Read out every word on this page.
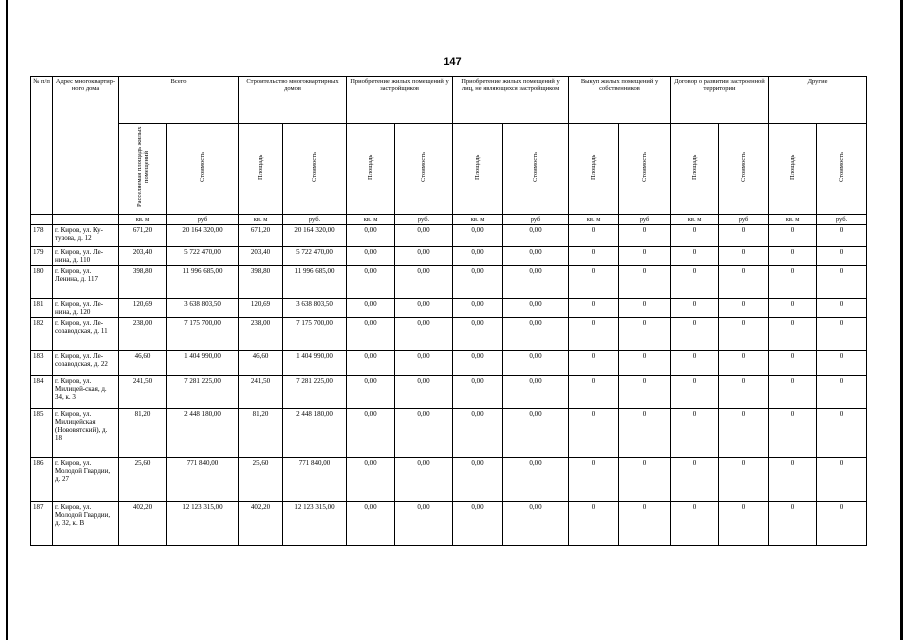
147
№ п/п	Адрес многоквартир-ного дома	Всего		Строительство многоквартирных домов		Приобретение жилых помещений у застройщиков		Приобретение жилых помещений у лиц, не являющихся застройщиком		Выкуп жилых помещений у собственников		Договор о развитии застроенной территории		Другие	

		Расселяемая площадь жилых помещений	Стоимость	Площадь	Стоимость	Площадь	Стоимость	Площадь	Стоимость	Площадь	Стоимость	Площадь	Стоимость	Площадь	Стоимость

		кв. м	руб	кв. м	руб.	кв. м	руб.	кв. м	руб	кв. м	руб	кв. м	руб	кв. м	руб.
178	г. Киров, ул. Ку-тузова, д. 12	671,20	20 164 320,00	671,20	20 164 320,00	0,00	0,00	0,00	0,00	0	0	0	0	0	0
179	г. Киров, ул. Ле-нина, д. 110	203,40	5 722 470,00	203,40	5 722 470,00	0,00	0,00	0,00	0,00	0	0	0	0	0	0
180	г. Киров, ул. Ленина, д. 117	398,80	11 996 685,00	398,80	11 996 685,00	0,00	0,00	0,00	0,00	0	0	0	0	0	0
181	г. Киров, ул. Ле-нина, д. 120	120,69	3 638 803,50	120,69	3 638 803,50	0,00	0,00	0,00	0,00	0	0	0	0	0	0
182	г. Киров, ул. Ле-созаводская, д. 11	238,00	7 175 700,00	238,00	7 175 700,00	0,00	0,00	0,00	0,00	0	0	0	0	0	0
183	г. Киров, ул. Ле-созаводская, д. 22	46,60	1 404 990,00	46,60	1 404 990,00	0,00	0,00	0,00	0,00	0	0	0	0	0	0
184	г. Киров, ул. Милицей-ская, д. 34, к. 3	241,50	7 281 225,00	241,50	7 281 225,00	0,00	0,00	0,00	0,00	0	0	0	0	0	0
185	г. Киров, ул. Милицейская (Нововятский), д. 18	81,20	2 448 180,00	81,20	2 448 180,00	0,00	0,00	0,00	0,00	0	0	0	0	0	0
186	г. Киров, ул. Молодой Гвардии, д. 27	25,60	771 840,00	25,60	771 840,00	0,00	0,00	0,00	0,00	0	0	0	0	0	0
187	г. Киров, ул. Молодой Гвардии, д. 32, к. В	402,20	12 123 315,00	402,20	12 123 315,00	0,00	0,00	0,00	0,00	0	0	0	0	0	0
